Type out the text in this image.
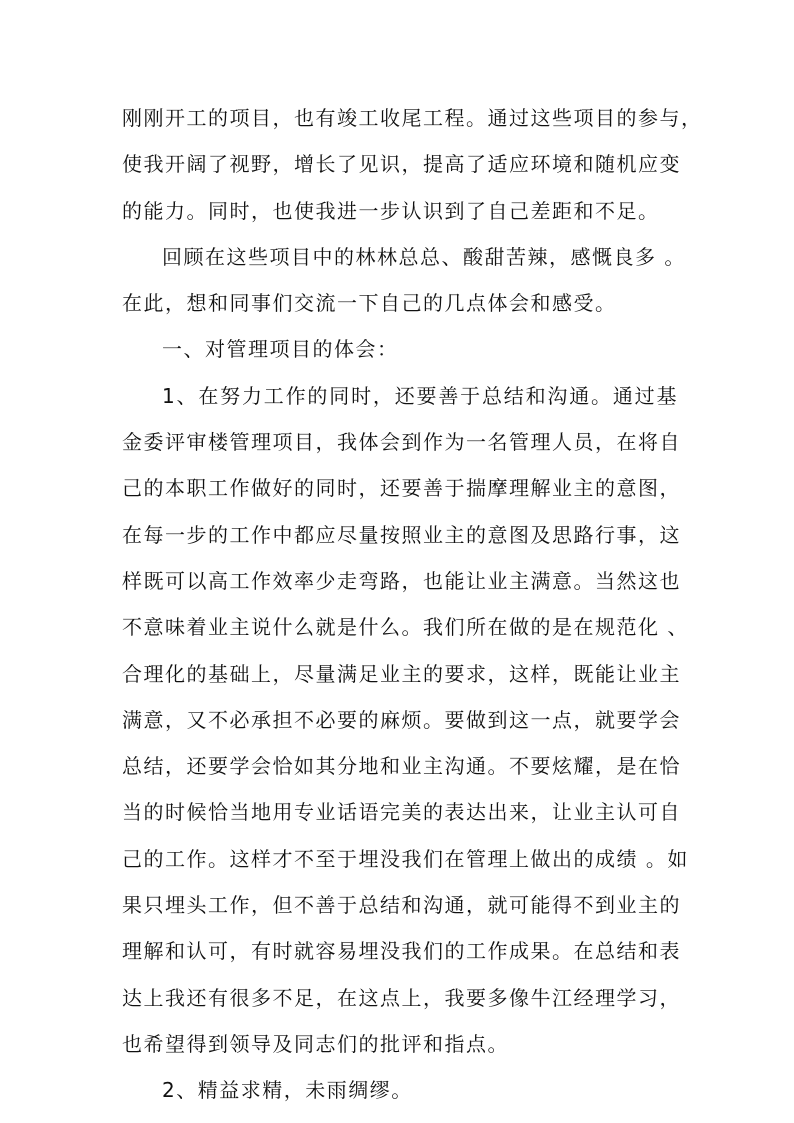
刚刚开工的项目，也有竣工收尾工程。通过这些项目的参与，
使我开阔了视野，增长了见识，提高了适应环境和随机应变
的能力。同时，也使我进一步认识到了自己差距和不足。
回顾在这些项目中的林林总总、酸甜苦辣，感慨良多 。
在此，想和同事们交流一下自己的几点体会和感受。
一、对管理项目的体会：
1、在努力工作的同时，还要善于总结和沟通。通过基
金委评审楼管理项目，我体会到作为一名管理人员，在将自
己的本职工作做好的同时，还要善于揣摩理解业主的意图，
在每一步的工作中都应尽量按照业主的意图及思路行事，这
样既可以高工作效率少走弯路，也能让业主满意。当然这也
不意味着业主说什么就是什么。我们所在做的是在规范化 、
合理化的基础上，尽量满足业主的要求，这样，既能让业主
满意，又不必承担不必要的麻烦。要做到这一点，就要学会
总结，还要学会恰如其分地和业主沟通。不要炫耀，是在恰
当的时候恰当地用专业话语完美的表达出来，让业主认可自
己的工作。这样才不至于埋没我们在管理上做出的成绩 。如
果只埋头工作，但不善于总结和沟通，就可能得不到业主的
理解和认可，有时就容易埋没我们的工作成果。在总结和表
达上我还有很多不足，在这点上，我要多像牛江经理学习，
也希望得到领导及同志们的批评和指点。
2、精益求精，未雨绸缪。
